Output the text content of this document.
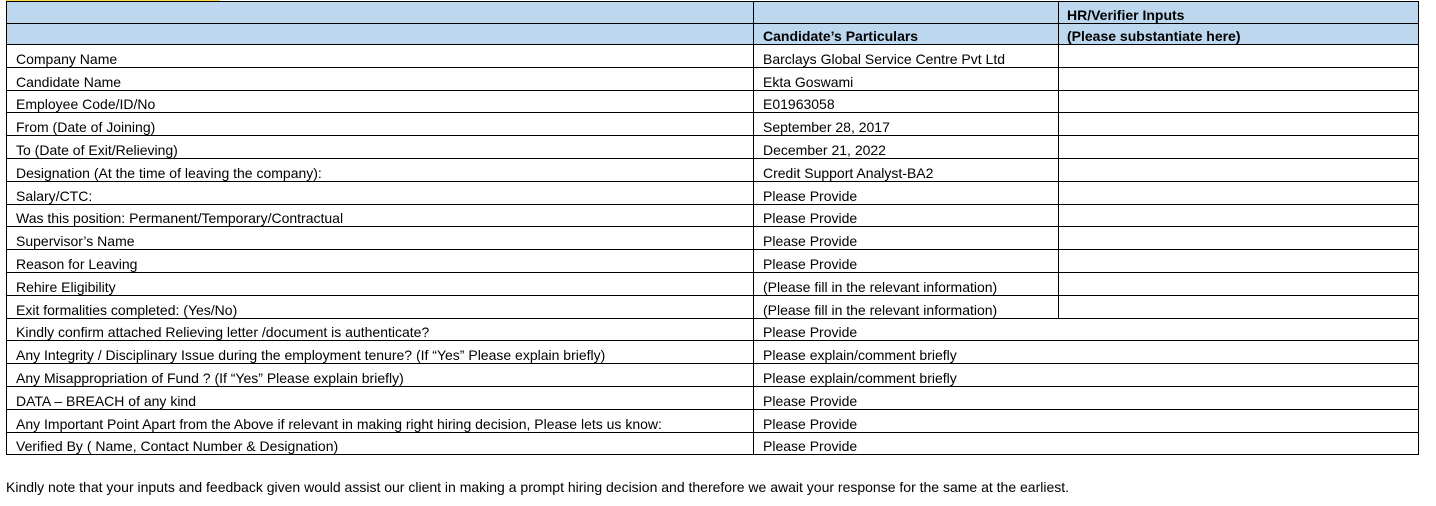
		HR/Verifier Inputs
	Candidate’s Particulars	(Please substantiate here)
Company Name	Barclays Global Service Centre Pvt Ltd	
Candidate Name	Ekta Goswami	
Employee Code/ID/No	E01963058	
From (Date of Joining)	September 28, 2017	
To (Date of Exit/Relieving)	December 21, 2022	
Designation (At the time of leaving the company):	Credit Support Analyst-BA2	
Salary/CTC:	Please Provide	
Was this position: Permanent/Temporary/Contractual	Please Provide	
Supervisor’s Name	Please Provide	
Reason for Leaving	Please Provide	
Rehire Eligibility	(Please fill in the relevant information)	
Exit formalities completed: (Yes/No)	(Please fill in the relevant information)	
Kindly confirm attached Relieving letter /document is authenticate?	Please Provide	
Any Integrity / Disciplinary Issue during the employment tenure? (If “Yes” Please explain briefly)	Please explain/comment briefly	
Any Misappropriation of Fund ? (If “Yes” Please explain briefly)	Please explain/comment briefly	
DATA – BREACH of any kind	Please Provide	
Any Important Point Apart from the Above if relevant in making right hiring decision, Please lets us know:	Please Provide	
Verified By ( Name, Contact Number & Designation)	Please Provide	
Kindly note that your inputs and feedback given would assist our client in making a prompt hiring decision and therefore we await your response for the same at the earliest.
